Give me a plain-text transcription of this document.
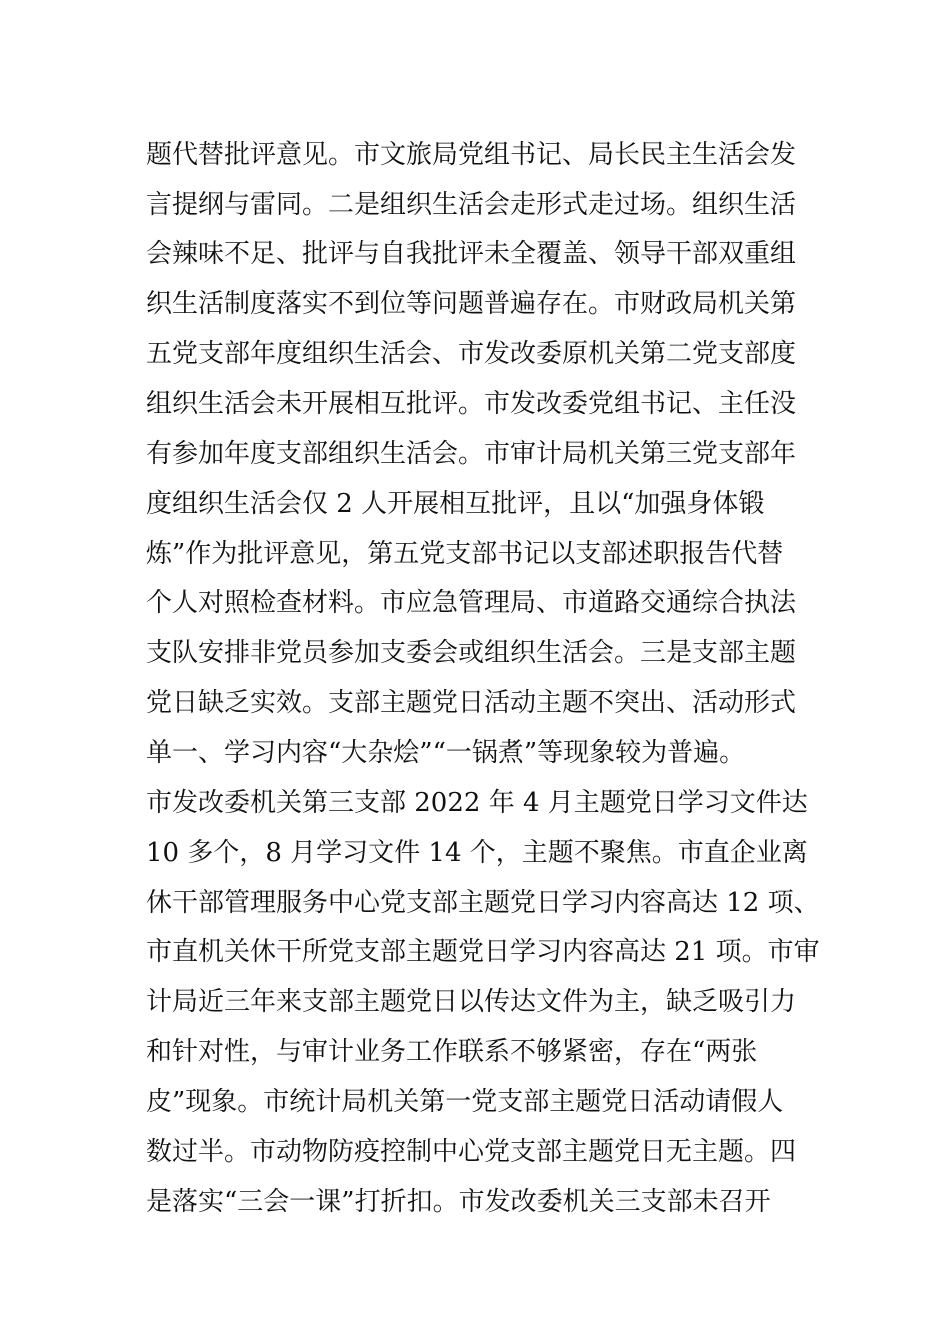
题代替批评意见。市文旅局党组书记、局长民主生活会发
言提纲与雷同。二是组织生活会走形式走过场。组织生活
会辣味不足、批评与自我批评未全覆盖、领导干部双重组
织生活制度落实不到位等问题普遍存在。市财政局机关第
五党支部年度组织生活会、市发改委原机关第二党支部度
组织生活会未开展相互批评。市发改委党组书记、主任没
有参加年度支部组织生活会。市审计局机关第三党支部年
度组织生活会仅 2 人开展相互批评，且以“加强身体锻
炼”作为批评意见，第五党支部书记以支部述职报告代替
个人对照检查材料。市应急管理局、市道路交通综合执法
支队安排非党员参加支委会或组织生活会。三是支部主题
党日缺乏实效。支部主题党日活动主题不突出、活动形式
单一、学习内容“大杂烩”“一锅煮”等现象较为普遍。
市发改委机关第三支部 2022 年 4 月主题党日学习文件达
10 多个，8 月学习文件 14 个，主题不聚焦。市直企业离
休干部管理服务中心党支部主题党日学习内容高达 12 项、
市直机关休干所党支部主题党日学习内容高达 21 项。市审
计局近三年来支部主题党日以传达文件为主，缺乏吸引力
和针对性，与审计业务工作联系不够紧密，存在“两张
皮”现象。市统计局机关第一党支部主题党日活动请假人
数过半。市动物防疫控制中心党支部主题党日无主题。四
是落实“三会一课”打折扣。市发改委机关三支部未召开
